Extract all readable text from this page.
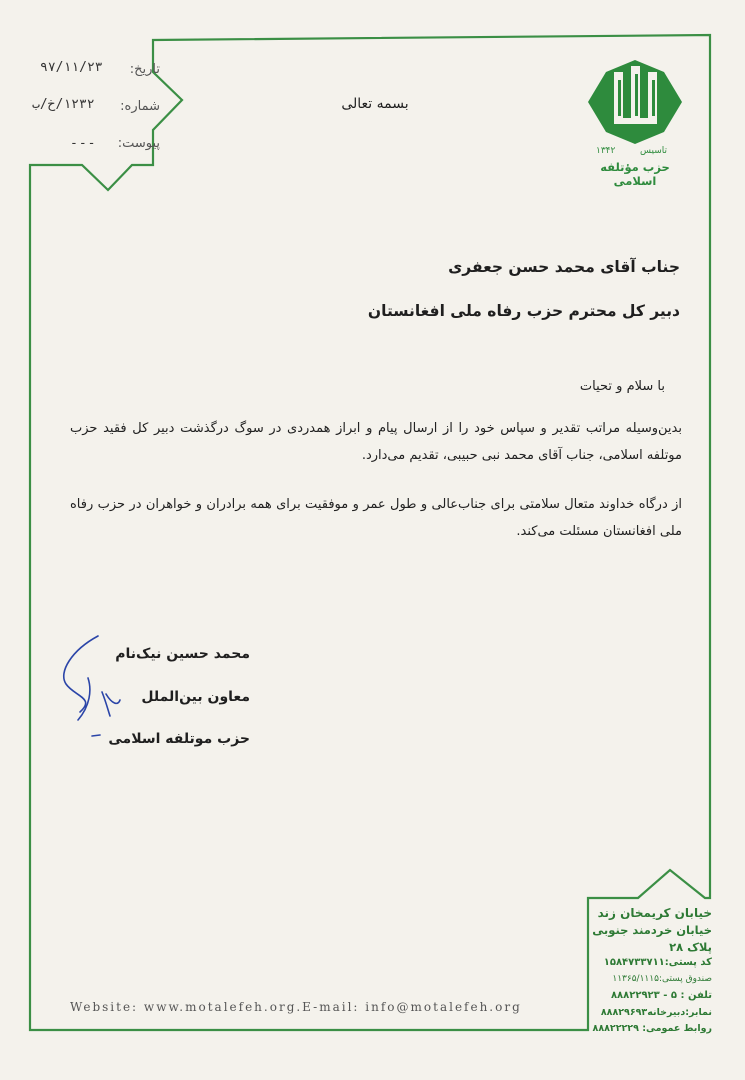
تاریخ:
۹۷/۱۱/۲۳
شماره:
۱۲۳۲/خ/ب
پیوست:
---
بسمه تعالی
تاسیس
۱۳۴۲
حزب مؤتلفه اسلامی
جناب آقای محمد حسن جعفری
دبیر کل محترم حزب رفاه ملی افغانستان
با سلام و تحیات
بدین‌وسیله مراتب تقدیر و سپاس خود را از ارسال پیام و ابراز همدردی در سوگ درگذشت دبیر کل فقید حزب موتلفه اسلامی، جناب آقای محمد نبی حبیبی، تقدیم می‌دارد.
از درگاه خداوند متعال سلامتی برای جناب‌عالی و طول عمر و موفقیت برای همه برادران و خواهران در حزب رفاه ملی افغانستان مسئلت می‌کند.
محمد حسین نیک‌نام
معاون بین‌الملل
حزب موتلفه اسلامی
خیابان کریمخان زند
خیابان خردمند جنوبی
پلاک ۲۸
کد پستی:۱۵۸۴۷۳۳۷۱۱
صندوق پستی:۱۱۳۶۵/۱۱۱۵
تلفن : ۵ - ۸۸۸۲۲۹۲۳
نمابر:دبیرخانه۸۸۸۲۹۶۹۳
روابط عمومی: ۸۸۸۲۲۲۲۹
Website: www.motalefeh.org.E-mail: info@motalefeh.org
